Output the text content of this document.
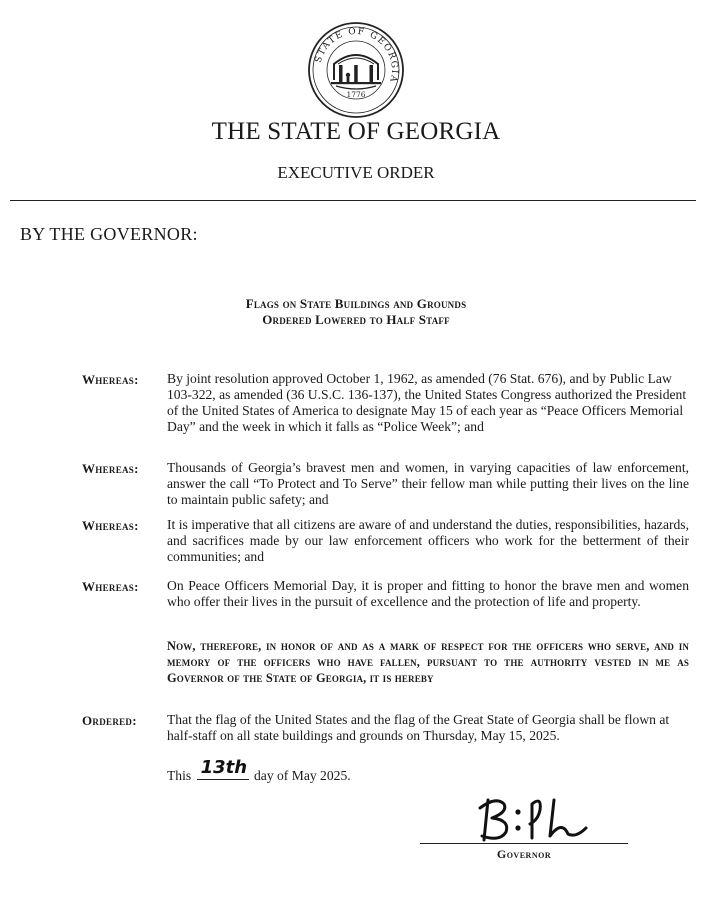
STATE OF GEORGIA
1776
THE STATE OF GEORGIA
EXECUTIVE ORDER
BY THE GOVERNOR:
Flags on State Buildings and Grounds
Ordered Lowered to Half Staff
Whereas: By joint resolution approved October 1, 1962, as amended (76 Stat. 676), and by Public Law 103-322, as amended (36 U.S.C. 136-137), the United States Congress authorized the President of the United States of America to designate May 15 of each year as “Peace Officers Memorial Day” and the week in which it falls as “Police Week”; and
Whereas: Thousands of Georgia’s bravest men and women, in varying capacities of law enforcement, answer the call “To Protect and To Serve” their fellow man while putting their lives on the line to maintain public safety; and
Whereas: It is imperative that all citizens are aware of and understand the duties, responsibilities, hazards, and sacrifices made by our law enforcement officers who work for the betterment of their communities; and
Whereas: On Peace Officers Memorial Day, it is proper and fitting to honor the brave men and women who offer their lives in the pursuit of excellence and the protection of life and property.
Now, therefore, in honor of and as a mark of respect for the officers who serve, and in memory of the officers who have fallen, pursuant to the authority vested in me as Governor of the State of Georgia, it is hereby
Ordered: That the flag of the United States and the flag of the Great State of Georgia shall be flown at half-staff on all state buildings and grounds on Thursday, May 15, 2025.
This 13th day of May 2025.
Governor
